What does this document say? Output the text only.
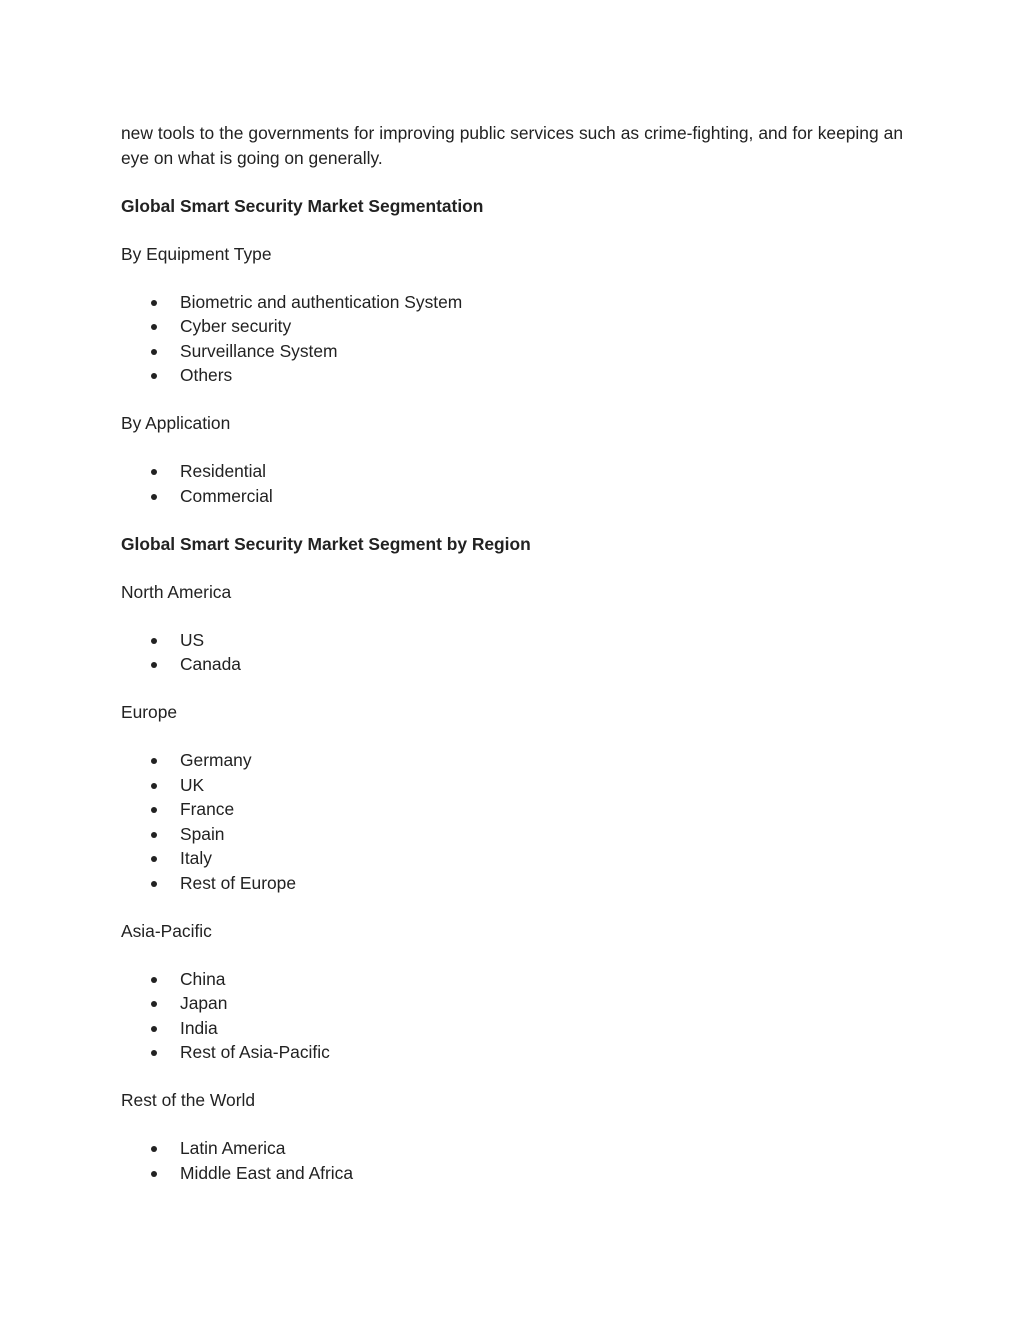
new tools to the governments for improving public services such as crime-fighting, and for keeping an eye on what is going on generally.

Global Smart Security Market Segmentation

By Equipment Type

Biometric and authentication System
Cyber security
Surveillance System
Others

By Application

Residential
Commercial

Global Smart Security Market Segment by Region

North America

US
Canada

Europe

Germany
UK
France
Spain
Italy
Rest of Europe

Asia-Pacific

China
Japan
India
Rest of Asia-Pacific

Rest of the World

Latin America
Middle East and Africa
